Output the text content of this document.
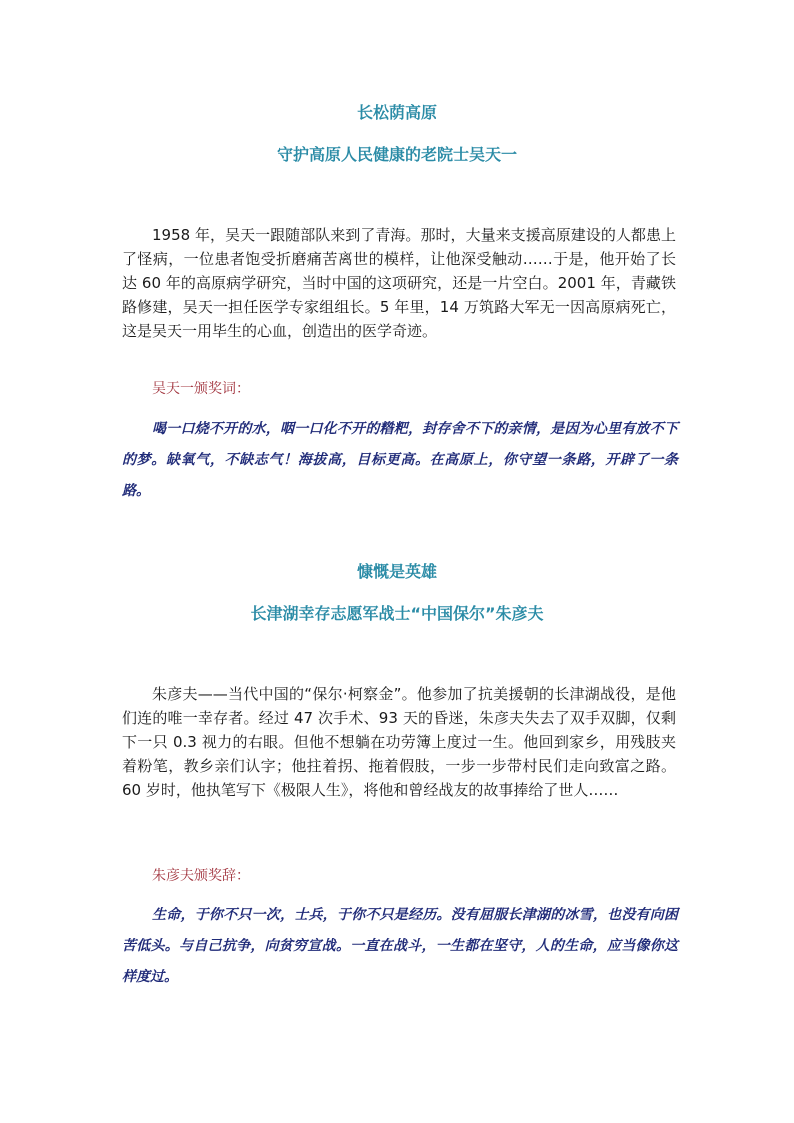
长松荫高原
守护高原人民健康的老院士吴天一

1958 年，吴天一跟随部队来到了青海。那时，大量来支援高原建设的人都患上了怪病，一位患者饱受折磨痛苦离世的模样，让他深受触动……于是，他开始了长达 60 年的高原病学研究，当时中国的这项研究，还是一片空白。2001 年，青藏铁路修建，吴天一担任医学专家组组长。5 年里，14 万筑路大军无一因高原病死亡，这是吴天一用毕生的心血，创造出的医学奇迹。

吴天一颁奖词：

喝一口烧不开的水，咽一口化不开的糌粑，封存舍不下的亲情，是因为心里有放不下的梦。缺氧气，不缺志气！海拔高，目标更高。在高原上，你守望一条路，开辟了一条路。

慷慨是英雄
长津湖幸存志愿军战士“中国保尔”朱彦夫

朱彦夫——当代中国的“保尔·柯察金”。他参加了抗美援朝的长津湖战役，是他们连的唯一幸存者。经过 47 次手术、93 天的昏迷，朱彦夫失去了双手双脚，仅剩下一只 0.3 视力的右眼。但他不想躺在功劳簿上度过一生。他回到家乡，用残肢夹着粉笔，教乡亲们认字；他拄着拐、拖着假肢，一步一步带村民们走向致富之路。60 岁时，他执笔写下《极限人生》，将他和曾经战友的故事捧给了世人……

朱彦夫颁奖辞：

生命，于你不只一次，士兵，于你不只是经历。没有屈服长津湖的冰雪，也没有向困苦低头。与自己抗争，向贫穷宣战。一直在战斗，一生都在坚守，人的生命，应当像你这样度过。
